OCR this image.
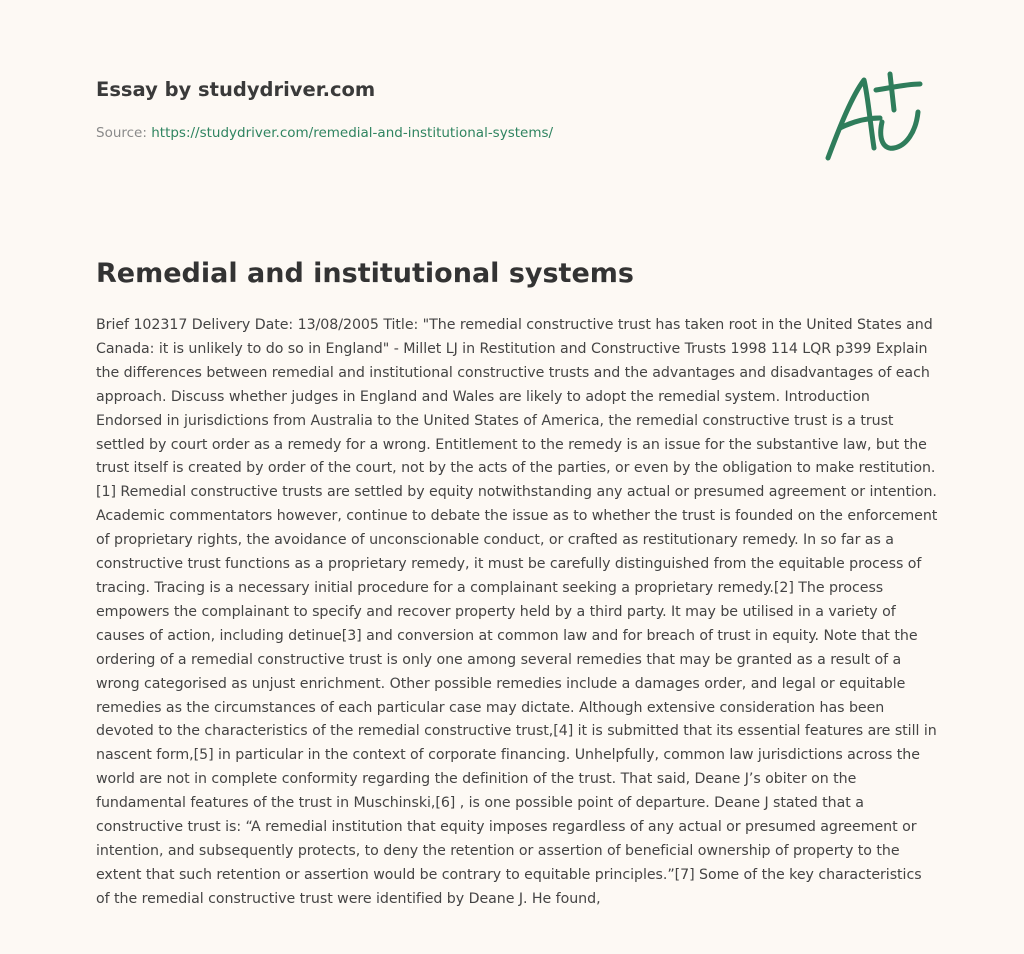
Essay by studydriver.com
Source: https://studydriver.com/remedial-and-institutional-systems/
Remedial and institutional systems

Brief 102317 Delivery Date: 13/08/2005 Title: "The remedial constructive trust has taken root in the United States and Canada: it is unlikely to do so in England" - Millet LJ in Restitution and Constructive Trusts 1998 114 LQR p399 Explain the differences between remedial and institutional constructive trusts and the advantages and disadvantages of each approach. Discuss whether judges in England and Wales are likely to adopt the remedial system. Introduction Endorsed in jurisdictions from Australia to the United States of America, the remedial constructive trust is a trust settled by court order as a remedy for a wrong. Entitlement to the remedy is an issue for the substantive law, but the trust itself is created by order of the court, not by the acts of the parties, or even by the obligation to make restitution.[1] Remedial constructive trusts are settled by equity notwithstanding any actual or presumed agreement or intention. Academic commentators however, continue to debate the issue as to whether the trust is founded on the enforcement of proprietary rights, the avoidance of unconscionable conduct, or crafted as restitutionary remedy. In so far as a constructive trust functions as a proprietary remedy, it must be carefully distinguished from the equitable process of tracing. Tracing is a necessary initial procedure for a complainant seeking a proprietary remedy.[2] The process empowers the complainant to specify and recover property held by a third party. It may be utilised in a variety of causes of action, including detinue[3] and conversion at common law and for breach of trust in equity. Note that the ordering of a remedial constructive trust is only one among several remedies that may be granted as a result of a wrong categorised as unjust enrichment. Other possible remedies include a damages order, and legal or equitable remedies as the circumstances of each particular case may dictate. Although extensive consideration has been devoted to the characteristics of the remedial constructive trust,[4] it is submitted that its essential features are still in nascent form,[5] in particular in the context of corporate financing. Unhelpfully, common law jurisdictions across the world are not in complete conformity regarding the definition of the trust. That said, Deane J’s obiter on the fundamental features of the trust in Muschinski,[6] , is one possible point of departure. Deane J stated that a constructive trust is: “A remedial institution that equity imposes regardless of any actual or presumed agreement or intention, and subsequently protects, to deny the retention or assertion of beneficial ownership of property to the extent that such retention or assertion would be contrary to equitable principles.”[7] Some of the key characteristics of the remedial constructive trust were identified by Deane J. He found,
